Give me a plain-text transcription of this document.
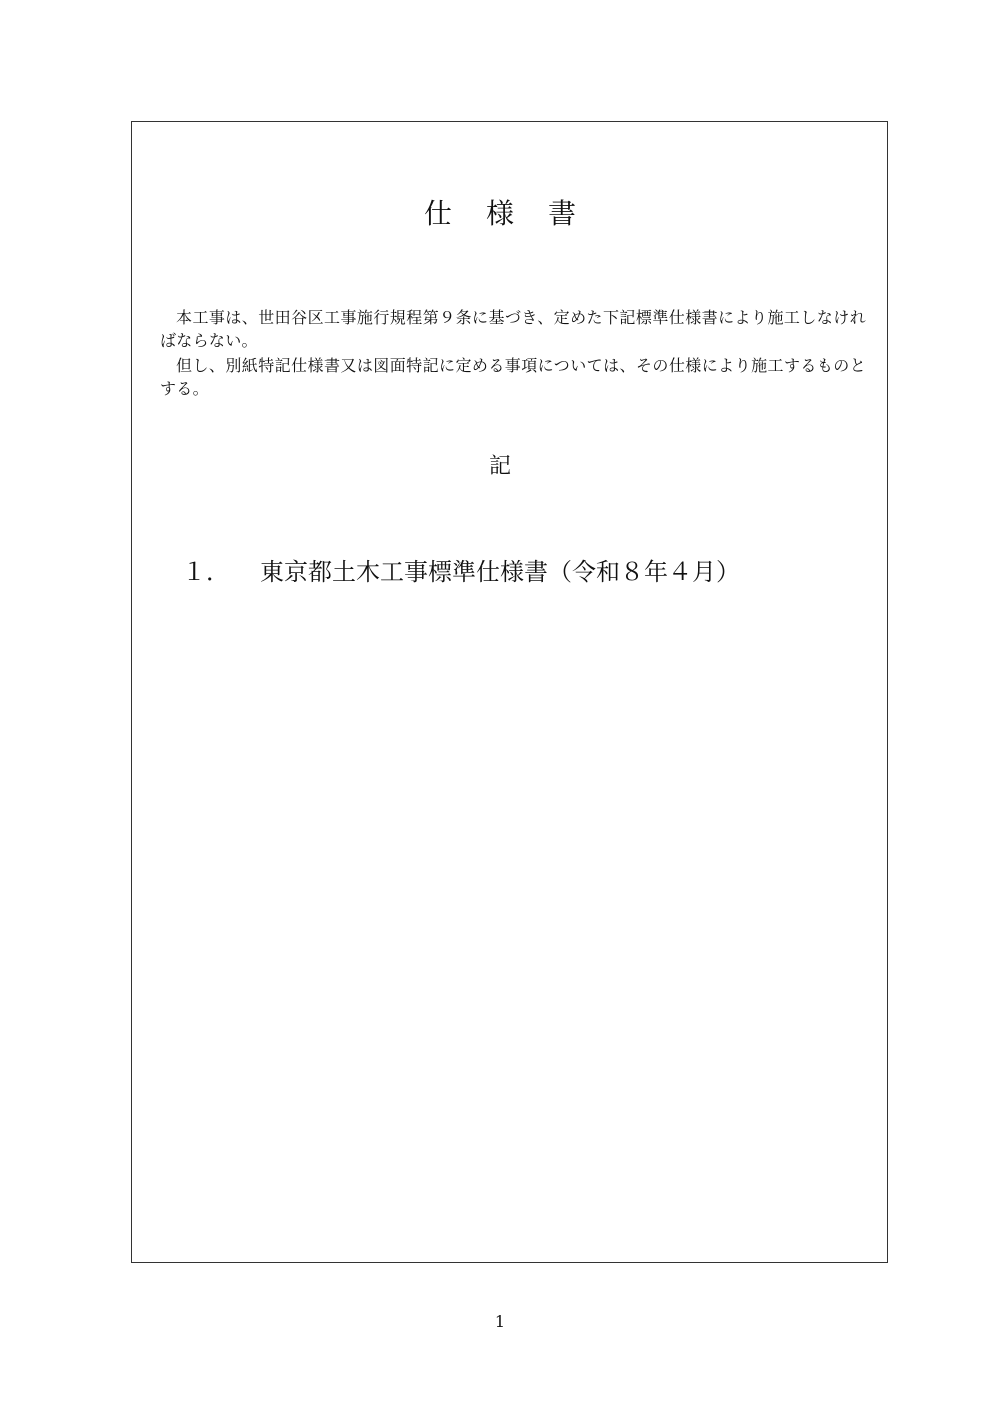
仕 様 書

本工事は、世田谷区工事施行規程第９条に基づき、定めた下記標準仕様書により施工しなければならない。

但し、別紙特記仕様書又は図面特記に定める事項については、その仕様により施工するものとする。

記
１． 東京都土木工事標準仕様書（令和８年４月）
1
